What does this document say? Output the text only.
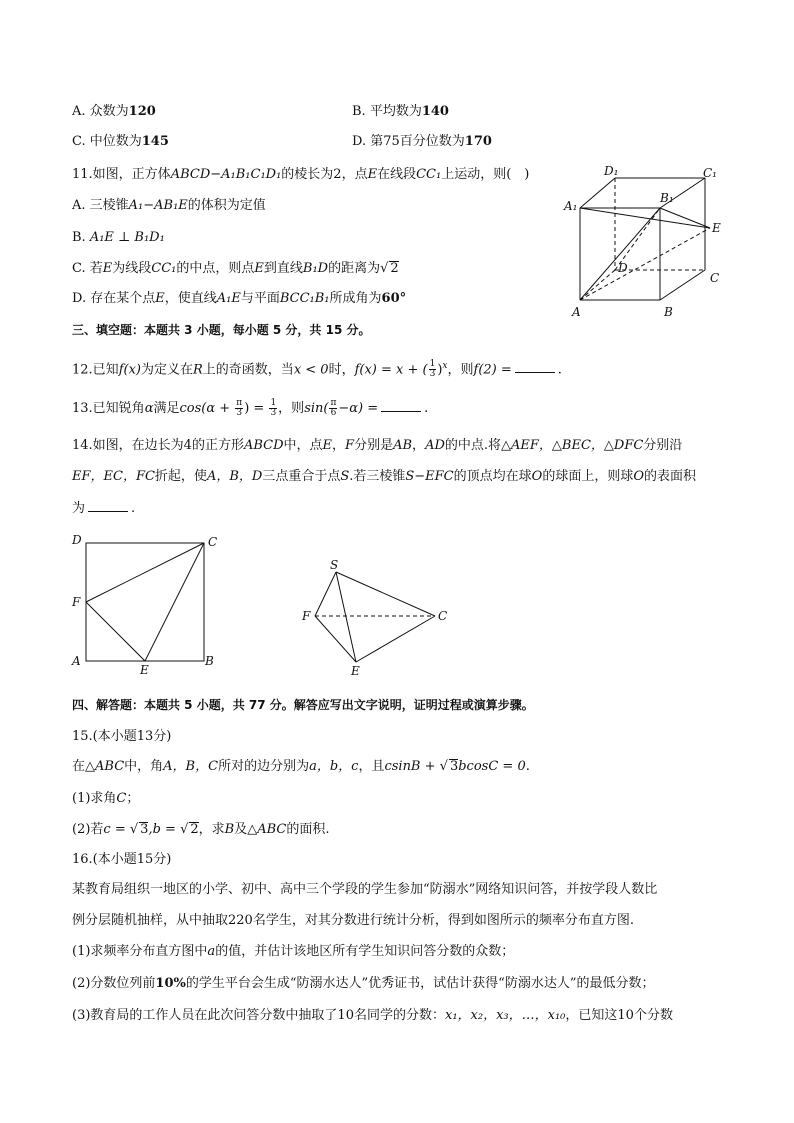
A. 众数为120	B. 平均数为140
C. 中位数为145	D. 第75百分位数为170
11.如图，正方体ABCD−A₁B₁C₁D₁的棱长为2，点E在线段CC₁上运动，则(　)
A. 三棱锥A₁−AB₁E的体积为定值
B. A₁E ⊥ B₁D₁
C. 若E为线段CC₁的中点，则点E到直线B₁D的距离为√ 2
D. 存在某个点E，使直线A₁E与平面BCC₁B₁所成角为60°
D₁	C₁
A₁
B₁
E
D
C
A	B
三、填空题：本题共 3 小题，每小题 5 分，共 15 分。
12.已知f(x)为定义在R上的奇函数，当x < 0时，f(x) = x + ( $\frac{1}{3} )^x$，则f(2) =	.
13.已知锐角α满足$\cos(\alpha + \frac{\pi}{3}$ ) = $\frac{1}{3}$ ，则$\sin( \frac{\pi}{6} -\alpha)$ =	.
14.如图，在边长为4的正方形ABCD中，点E，F分别是AB，AD的中点.将△AEF，△BEC，△DFC分别沿
EF，EC，FC折起，使A，B，D三点重合于点S.若三棱锥S−EFC的顶点均在球O的球面上，则球O的表面积
为	.
D	C
F
A
E
B
S
F	C
E
四、解答题：本题共 5 小题，共 77 分。解答应写出文字说明，证明过程或演算步骤。
15.(本小题13分)
在△ABC中，角A，B，C所对的边分别为a，b，c，且csinB + √ 3bcosC = 0.
(1)求角C；
(2)若c = √ 3,b = √ 2，求B及△ABC的面积.
16.(本小题15分)
某教育局组织一地区的小学、初中、高中三个学段的学生参加“防溺水”网络知识问答，并按学段人数比
例分层随机抽样，从中抽取220名学生，对其分数进行统计分析，得到如图所示的频率分布直方图.
(1)求频率分布直方图中a的值，并估计该地区所有学生知识问答分数的众数；
(2)分数位列前10%的学生平台会生成“防溺水达人”优秀证书，试估计获得“防溺水达人”的最低分数；
(3)教育局的工作人员在此次问答分数中抽取了10名同学的分数：x₁，x₂，x₃，…，x₁₀，已知这10个分数
